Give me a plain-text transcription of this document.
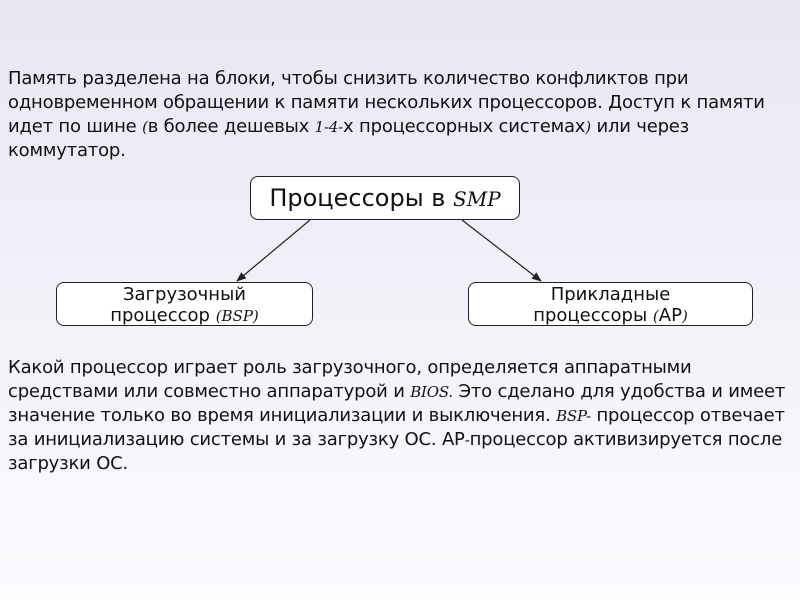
Память разделена на блоки, чтобы снизить количество конфликтов при одновременном обращении к памяти нескольких процессоров. Доступ к памяти идет по шине (в более дешевых 1-4-х процессорных системах) или через коммутатор.

Процессоры в SMP
Загрузочный
процессор (BSP)
Прикладные
процессоры (АР)

Какой процессор играет роль загрузочного, определяется аппаратными средствами или совместно аппаратурой и BIOS. Это сделано для удобства и имеет значение только во время инициализации и выключения. BSP- процессор отвечает за инициализацию системы и за загрузку ОС. АР-процессор активизируется после загрузки ОС.
